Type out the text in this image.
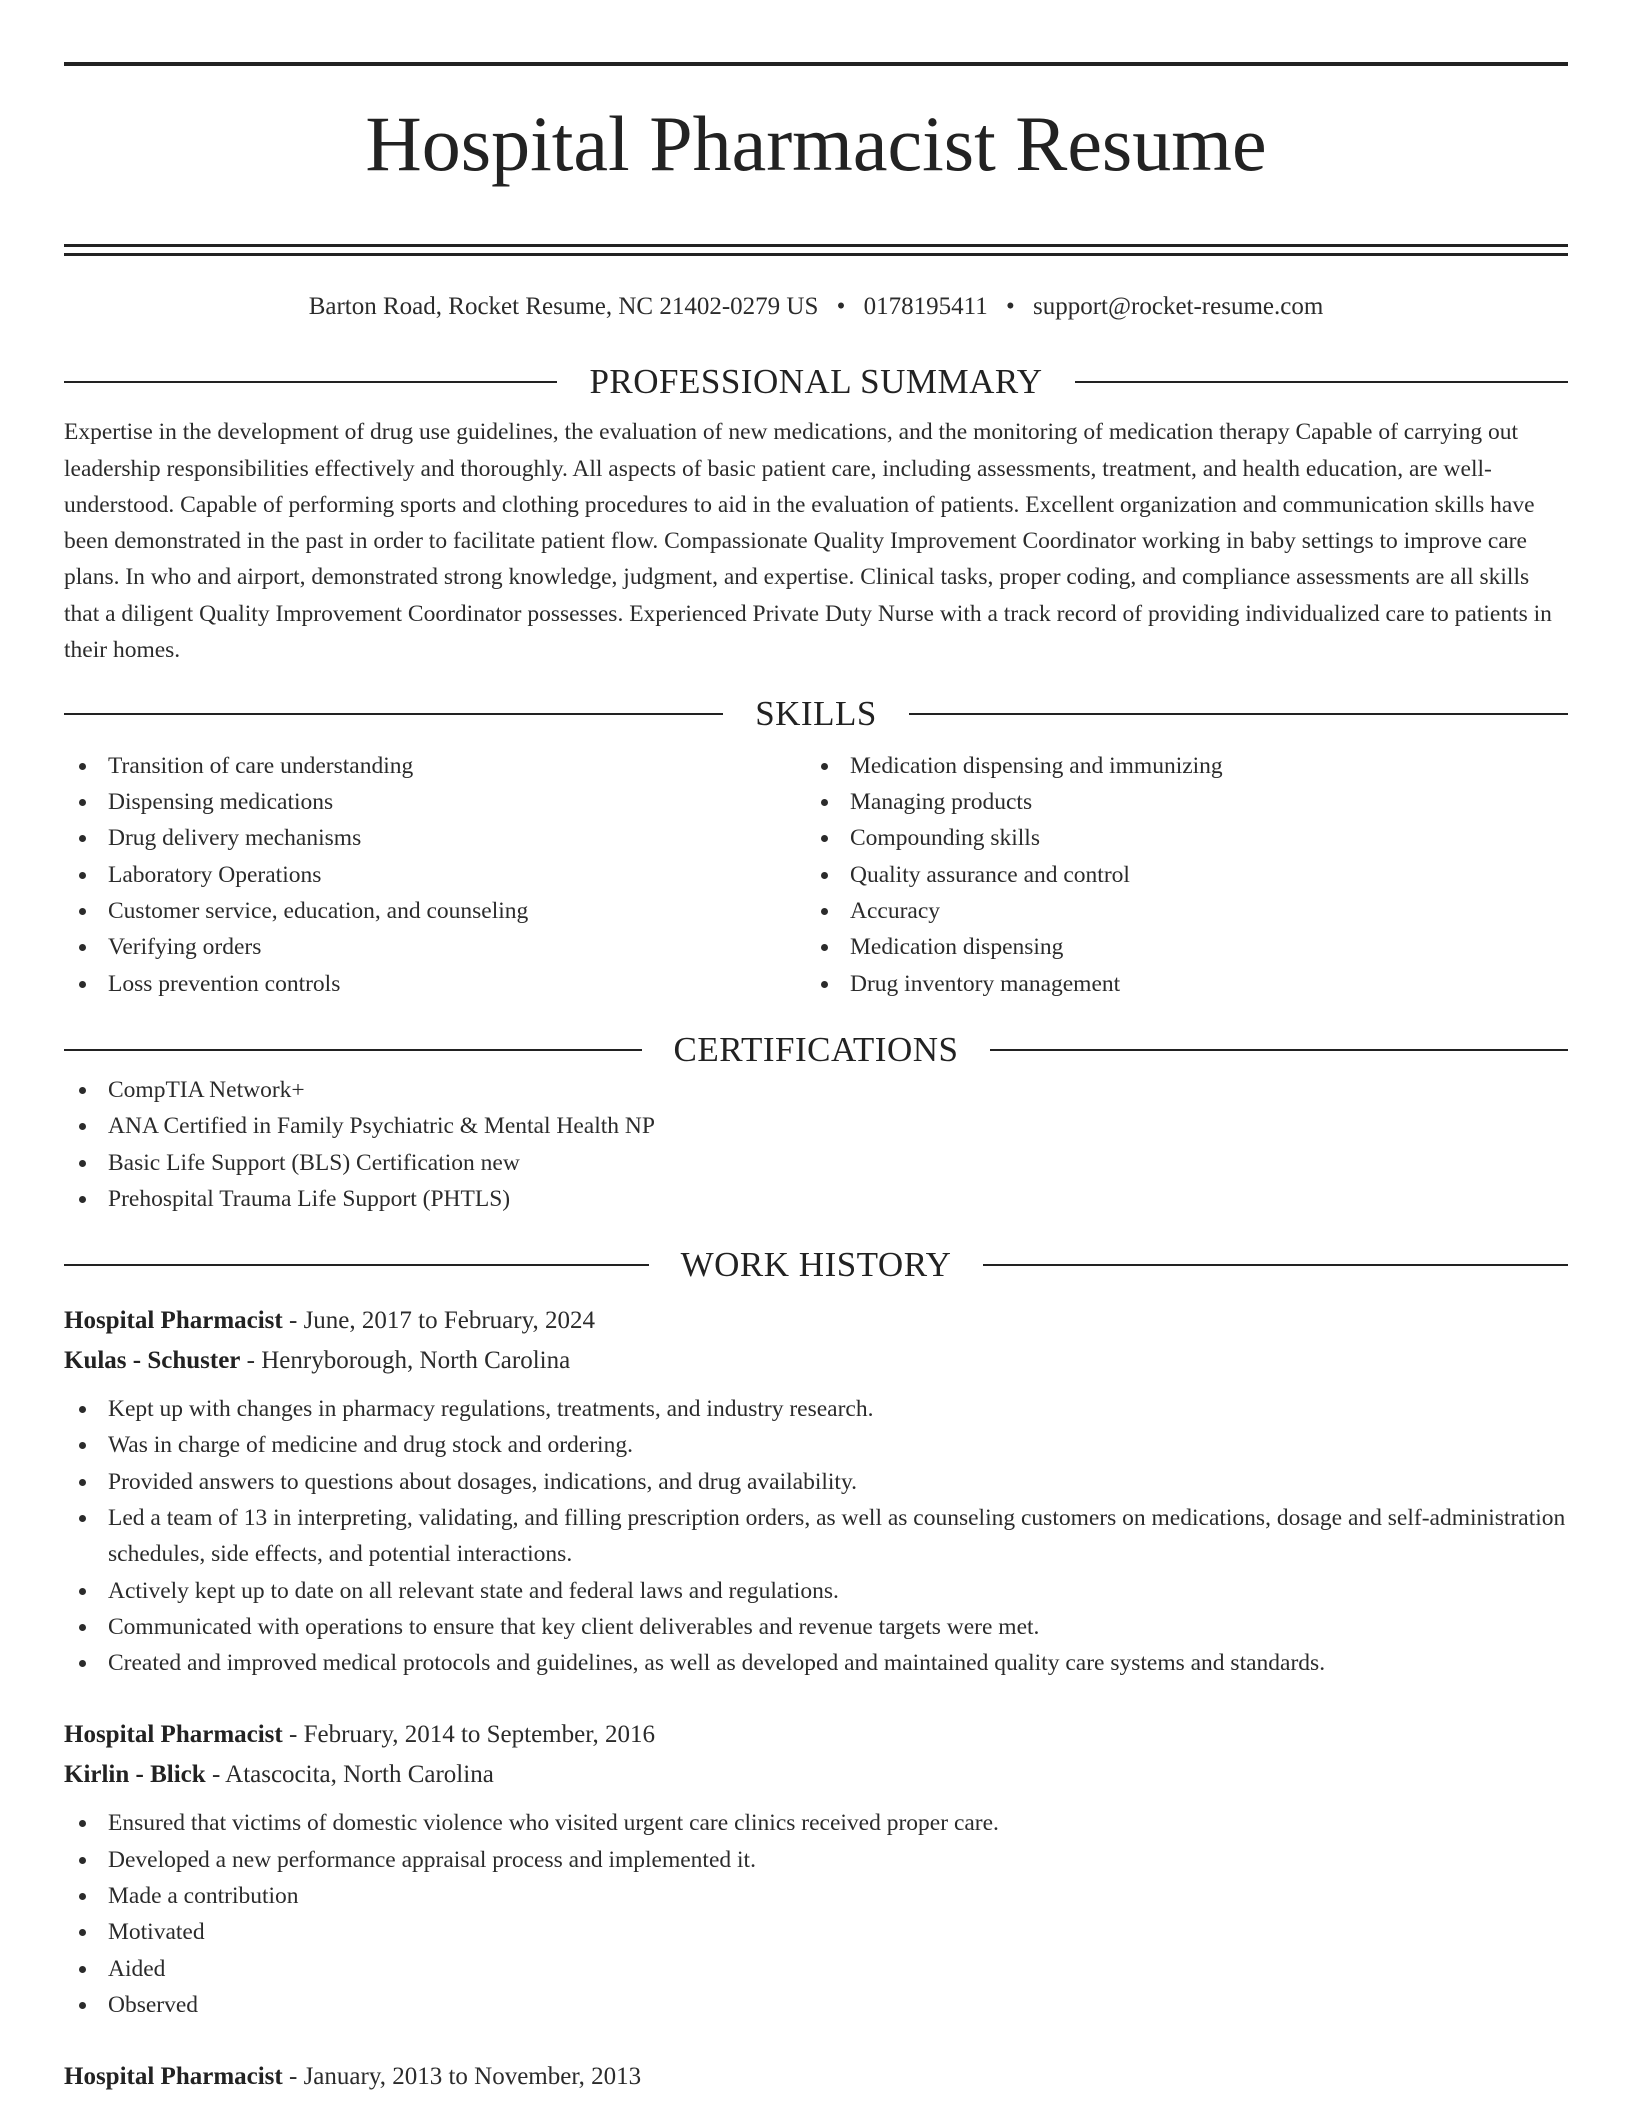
Hospital Pharmacist Resume
Barton Road, Rocket Resume, NC 21402-0279 US • 0178195411 • support@rocket-resume.com
PROFESSIONAL SUMMARY

Expertise in the development of drug use guidelines, the evaluation of new medications, and the monitoring of medication therapy Capable of carrying out leadership responsibilities effectively and thoroughly. All aspects of basic patient care, including assessments, treatment, and health education, are well-understood. Capable of performing sports and clothing procedures to aid in the evaluation of patients. Excellent organization and communication skills have been demonstrated in the past in order to facilitate patient flow. Compassionate Quality Improvement Coordinator working in baby settings to improve care plans. In who and airport, demonstrated strong knowledge, judgment, and expertise. Clinical tasks, proper coding, and compliance assessments are all skills that a diligent Quality Improvement Coordinator possesses. Experienced Private Duty Nurse with a track record of providing individualized care to patients in their homes.

SKILLS
Transition of care understanding
Dispensing medications
Drug delivery mechanisms
Laboratory Operations
Customer service, education, and counseling
Verifying orders
Loss prevention controls
Medication dispensing and immunizing
Managing products
Compounding skills
Quality assurance and control
Accuracy
Medication dispensing
Drug inventory management
CERTIFICATIONS
CompTIA Network+
ANA Certified in Family Psychiatric & Mental Health NP
Basic Life Support (BLS) Certification new
Prehospital Trauma Life Support (PHTLS)
WORK HISTORY
Hospital Pharmacist - June, 2017 to February, 2024
Kulas - Schuster - Henryborough, North Carolina
Kept up with changes in pharmacy regulations, treatments, and industry research.
Was in charge of medicine and drug stock and ordering.
Provided answers to questions about dosages, indications, and drug availability.
Led a team of 13 in interpreting, validating, and filling prescription orders, as well as counseling customers on medications, dosage and self-administration schedules, side effects, and potential interactions.
Actively kept up to date on all relevant state and federal laws and regulations.
Communicated with operations to ensure that key client deliverables and revenue targets were met.
Created and improved medical protocols and guidelines, as well as developed and maintained quality care systems and standards.
Hospital Pharmacist - February, 2014 to September, 2016
Kirlin - Blick - Atascocita, North Carolina
Ensured that victims of domestic violence who visited urgent care clinics received proper care.
Developed a new performance appraisal process and implemented it.
Made a contribution
Motivated
Aided
Observed
Hospital Pharmacist - January, 2013 to November, 2013
